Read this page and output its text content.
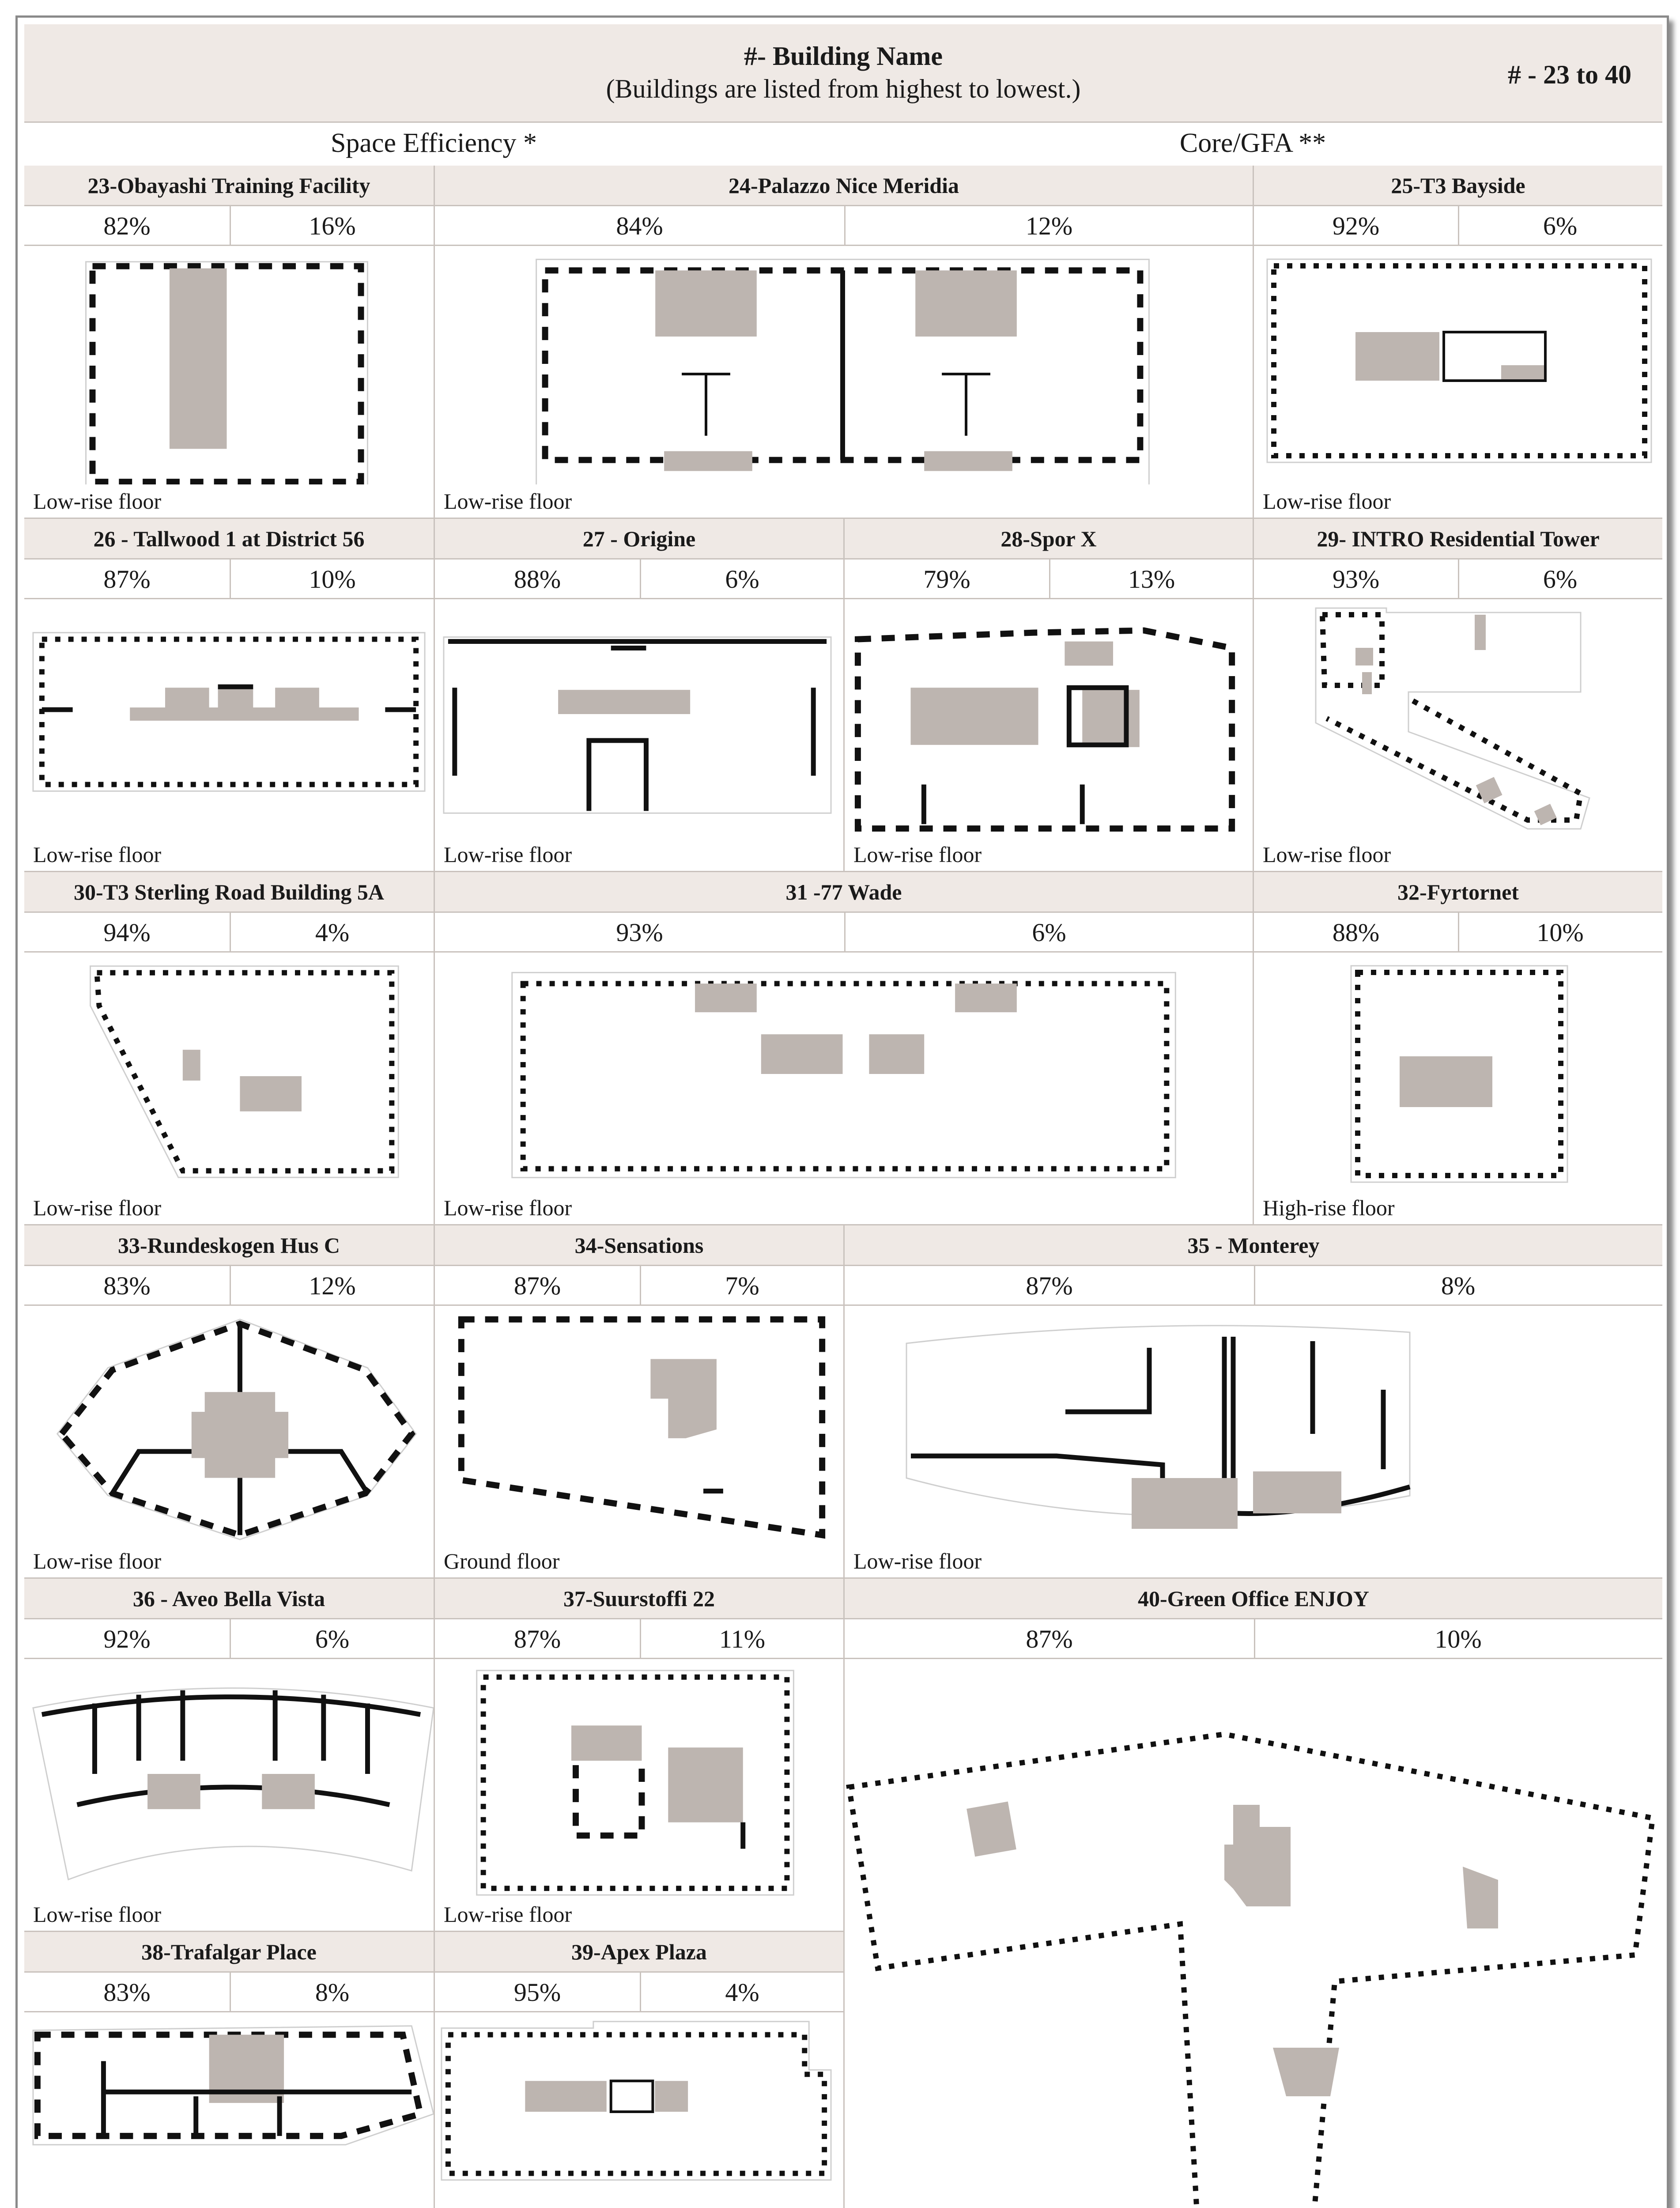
#- Building Name
(Buildings are listed from highest to lowest.)	# - 23 to 40
Space Efficiency *	Core/GFA **
23-Obayashi Training Facility
82%	16%
Low-rise floor
24-Palazzo Nice Meridia
84%	12%
Low-rise floor
25-T3 Bayside
92%	6%
Low-rise floor
26 - Tallwood 1 at District 56
87%	10%
Low-rise floor
27 - Origine
88%	6%
Low-rise floor
28-Spor X
79%	13%
Low-rise floor
29- INTRO Residential Tower
93%	6%
Low-rise floor
30-T3 Sterling Road Building 5A
94%	4%
Low-rise floor
31 -77 Wade
93%	6%
Low-rise floor
32-Fyrtornet
88%	10%
High-rise floor
33-Rundeskogen Hus C
83%	12%
Low-rise floor
34-Sensations
87%	7%
Ground floor
35 - Monterey
87%	8%
Low-rise floor
36 - Aveo Bella Vista
92%	6%
Low-rise floor
37-Suurstoffi 22
87%	11%
Low-rise floor
40-Green Office ENJOY
87%	10%
38-Trafalgar Place
83%	8%
39-Apex Plaza
95%	4%
